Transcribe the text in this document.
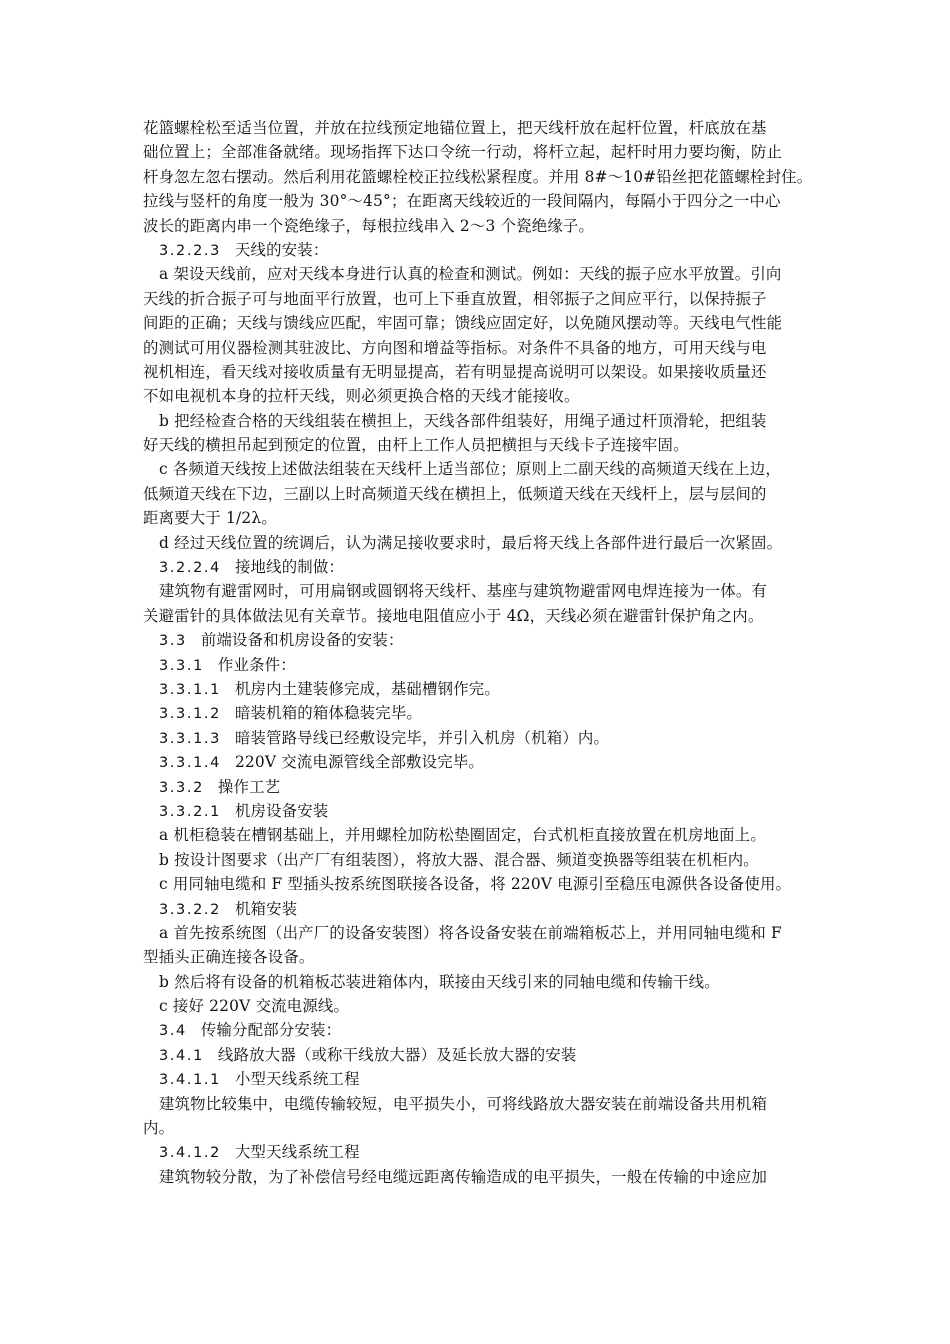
花篮螺栓松至适当位置，并放在拉线预定地锚位置上，把天线杆放在起杆位置，杆底放在基
础位置上；全部准备就绪。现场指挥下达口令统一行动，将杆立起，起杆时用力要均衡，防止
杆身忽左忽右摆动。然后利用花篮螺栓校正拉线松紧程度。并用 8#～10#铅丝把花篮螺栓封住。
拉线与竖杆的角度一般为 30°～45°；在距离天线较近的一段间隔内，每隔小于四分之一中心
波长的距离内串一个瓷绝缘子，每根拉线串入 2～3 个瓷绝缘子。
3.2.2.3 天线的安装：
a 架设天线前，应对天线本身进行认真的检查和测试。例如：天线的振子应水平放置。引向
天线的折合振子可与地面平行放置，也可上下垂直放置，相邻振子之间应平行，以保持振子
间距的正确；天线与馈线应匹配，牢固可靠；馈线应固定好，以免随风摆动等。天线电气性能
的测试可用仪器检测其驻波比、方向图和增益等指标。对条件不具备的地方，可用天线与电
视机相连，看天线对接收质量有无明显提高，若有明显提高说明可以架设。如果接收质量还
不如电视机本身的拉杆天线，则必须更换合格的天线才能接收。
b 把经检查合格的天线组装在横担上，天线各部件组装好，用绳子通过杆顶滑轮，把组装
好天线的横担吊起到预定的位置，由杆上工作人员把横担与天线卡子连接牢固。
c 各频道天线按上述做法组装在天线杆上适当部位；原则上二副天线的高频道天线在上边，
低频道天线在下边，三副以上时高频道天线在横担上，低频道天线在天线杆上，层与层间的
距离要大于 1/2λ。
d 经过天线位置的统调后，认为满足接收要求时，最后将天线上各部件进行最后一次紧固。
3.2.2.4 接地线的制做：
建筑物有避雷网时，可用扁钢或圆钢将天线杆、基座与建筑物避雷网电焊连接为一体。有
关避雷针的具体做法见有关章节。接地电阻值应小于 4Ω，天线必须在避雷针保护角之内。
3.3 前端设备和机房设备的安装：
3.3.1 作业条件：
3.3.1.1 机房内土建装修完成，基础槽钢作完。
3.3.1.2 暗装机箱的箱体稳装完毕。
3.3.1.3 暗装管路导线已经敷设完毕，并引入机房（机箱）内。
3.3.1.4 220V 交流电源管线全部敷设完毕。
3.3.2 操作工艺
3.3.2.1 机房设备安装
a 机柜稳装在槽钢基础上，并用螺栓加防松垫圈固定，台式机柜直接放置在机房地面上。
b 按设计图要求（出产厂有组装图），将放大器、混合器、频道变换器等组装在机柜内。
c 用同轴电缆和 F 型插头按系统图联接各设备，将 220V 电源引至稳压电源供各设备使用。
3.3.2.2 机箱安装
a 首先按系统图（出产厂的设备安装图）将各设备安装在前端箱板芯上，并用同轴电缆和 F
型插头正确连接各设备。
b 然后将有设备的机箱板芯装进箱体内，联接由天线引来的同轴电缆和传输干线。
c 接好 220V 交流电源线。
3.4 传输分配部分安装：
3.4.1 线路放大器（或称干线放大器）及延长放大器的安装
3.4.1.1 小型天线系统工程
建筑物比较集中，电缆传输较短，电平损失小，可将线路放大器安装在前端设备共用机箱
内。
3.4.1.2 大型天线系统工程
建筑物较分散，为了补偿信号经电缆远距离传输造成的电平损失，一般在传输的中途应加
